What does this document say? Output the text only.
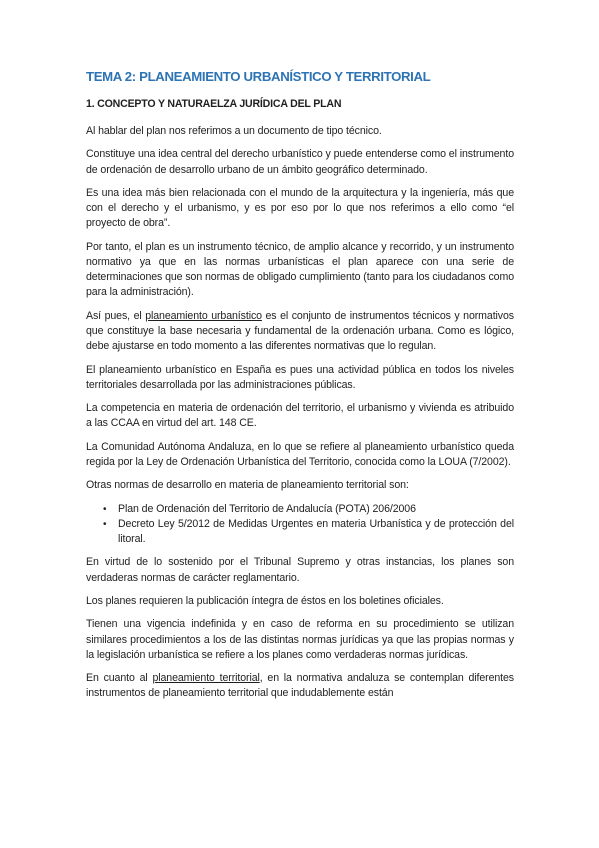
TEMA 2: PLANEAMIENTO URBANÍSTICO Y TERRITORIAL
1. CONCEPTO Y NATURAELZA JURÍDICA DEL PLAN

Al hablar del plan nos referimos a un documento de tipo técnico.

Constituye una idea central del derecho urbanístico y puede entenderse como el instrumento de ordenación de desarrollo urbano de un ámbito geográfico determinado.

Es una idea más bien relacionada con el mundo de la arquitectura y la ingeniería, más que con el derecho y el urbanismo, y es por eso por lo que nos referimos a ello como “el proyecto de obra”.

Por tanto, el plan es un instrumento técnico, de amplio alcance y recorrido, y un instrumento normativo ya que en las normas urbanísticas el plan aparece con una serie de determinaciones que son normas de obligado cumplimiento (tanto para los ciudadanos como para la administración).

Así pues, el planeamiento urbanístico es el conjunto de instrumentos técnicos y normativos que constituye la base necesaria y fundamental de la ordenación urbana. Como es lógico, debe ajustarse en todo momento a las diferentes normativas que lo regulan.

El planeamiento urbanístico en España es pues una actividad pública en todos los niveles territoriales desarrollada por las administraciones públicas.

La competencia en materia de ordenación del territorio, el urbanismo y vivienda es atribuido a las CCAA en virtud del art. 148 CE.

La Comunidad Autónoma Andaluza, en lo que se refiere al planeamiento urbanístico queda regida por la Ley de Ordenación Urbanística del Territorio, conocida como la LOUA (7/2002).

Otras normas de desarrollo en materia de planeamiento territorial son:

• Plan de Ordenación del Territorio de Andalucía (POTA) 206/2006
• Decreto Ley 5/2012 de Medidas Urgentes en materia Urbanística y de protección del litoral.

En virtud de lo sostenido por el Tribunal Supremo y otras instancias, los planes son verdaderas normas de carácter reglamentario.

Los planes requieren la publicación íntegra de éstos en los boletines oficiales.

Tienen una vigencia indefinida y en caso de reforma en su procedimiento se utilizan similares procedimientos a los de las distintas normas jurídicas ya que las propias normas y la legislación urbanística se refiere a los planes como verdaderas normas jurídicas.

En cuanto al planeamiento territorial, en la normativa andaluza se contemplan diferentes instrumentos de planeamiento territorial que indudablemente están
